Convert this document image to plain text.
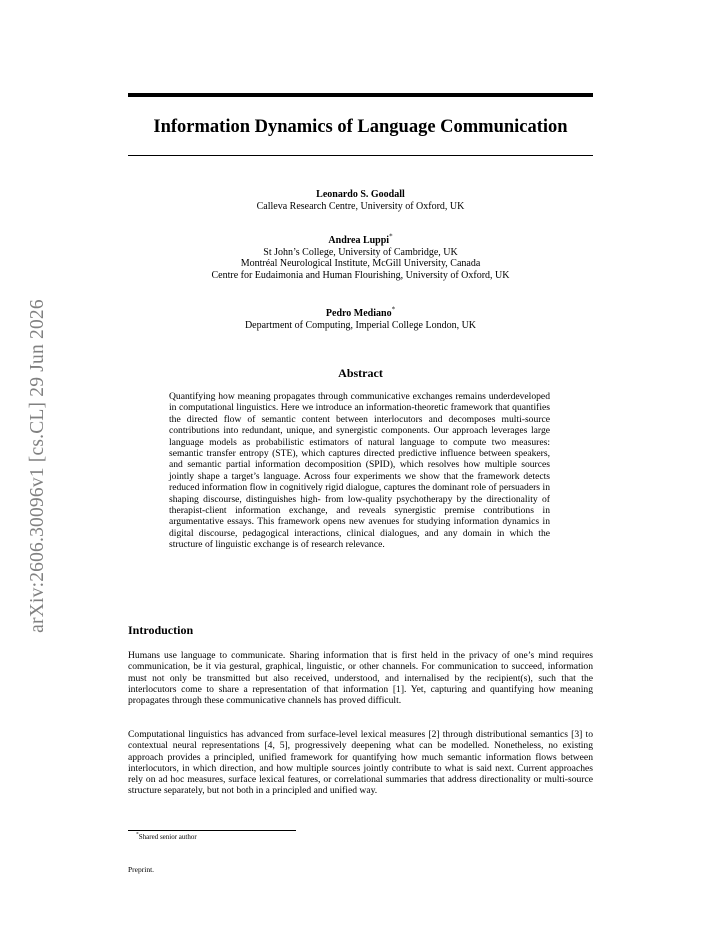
arXiv:2606.30096v1 [cs.CL] 29 Jun 2026
Information Dynamics of Language Communication
Leonardo S. Goodall
Calleva Research Centre, University of Oxford, UK
Andrea Luppi*
St John’s College, University of Cambridge, UK
Montréal Neurological Institute, McGill University, Canada
Centre for Eudaimonia and Human Flourishing, University of Oxford, UK
Pedro Mediano*
Department of Computing, Imperial College London, UK
Abstract
Quantifying how meaning propagates through communicative exchanges remains underdeveloped in computational linguistics. Here we introduce an information-theoretic framework that quantifies the directed flow of semantic content between interlocutors and decomposes multi-source contributions into redundant, unique, and synergistic components. Our approach leverages large language models as probabilistic estimators of natural language to compute two measures: semantic transfer entropy (STE), which captures directed predictive influence between speakers, and semantic partial information decomposition (SPID), which resolves how multiple sources jointly shape a target’s language. Across four experiments we show that the framework detects reduced information flow in cognitively rigid dialogue, captures the dominant role of persuaders in shaping discourse, distinguishes high- from low-quality psychotherapy by the directionality of therapist-client information exchange, and reveals synergistic premise contributions in argumentative essays. This framework opens new avenues for studying information dynamics in digital discourse, pedagogical interactions, clinical dialogues, and any domain in which the structure of linguistic exchange is of research relevance.
Introduction
Humans use language to communicate. Sharing information that is first held in the privacy of one’s mind requires communication, be it via gestural, graphical, linguistic, or other channels. For communication to succeed, information must not only be transmitted but also received, understood, and internalised by the recipient(s), such that the interlocutors come to share a representation of that information [1]. Yet, capturing and quantifying how meaning propagates through these communicative channels has proved difficult.
Computational linguistics has advanced from surface-level lexical measures [2] through distributional semantics [3] to contextual neural representations [4, 5], progressively deepening what can be modelled. Nonetheless, no existing approach provides a principled, unified framework for quantifying how much semantic information flows between interlocutors, in which direction, and how multiple sources jointly contribute to what is said next. Current approaches rely on ad hoc measures, surface lexical features, or correlational summaries that address directionality or multi-source structure separately, but not both in a principled and unified way.
*Shared senior author
Preprint.
